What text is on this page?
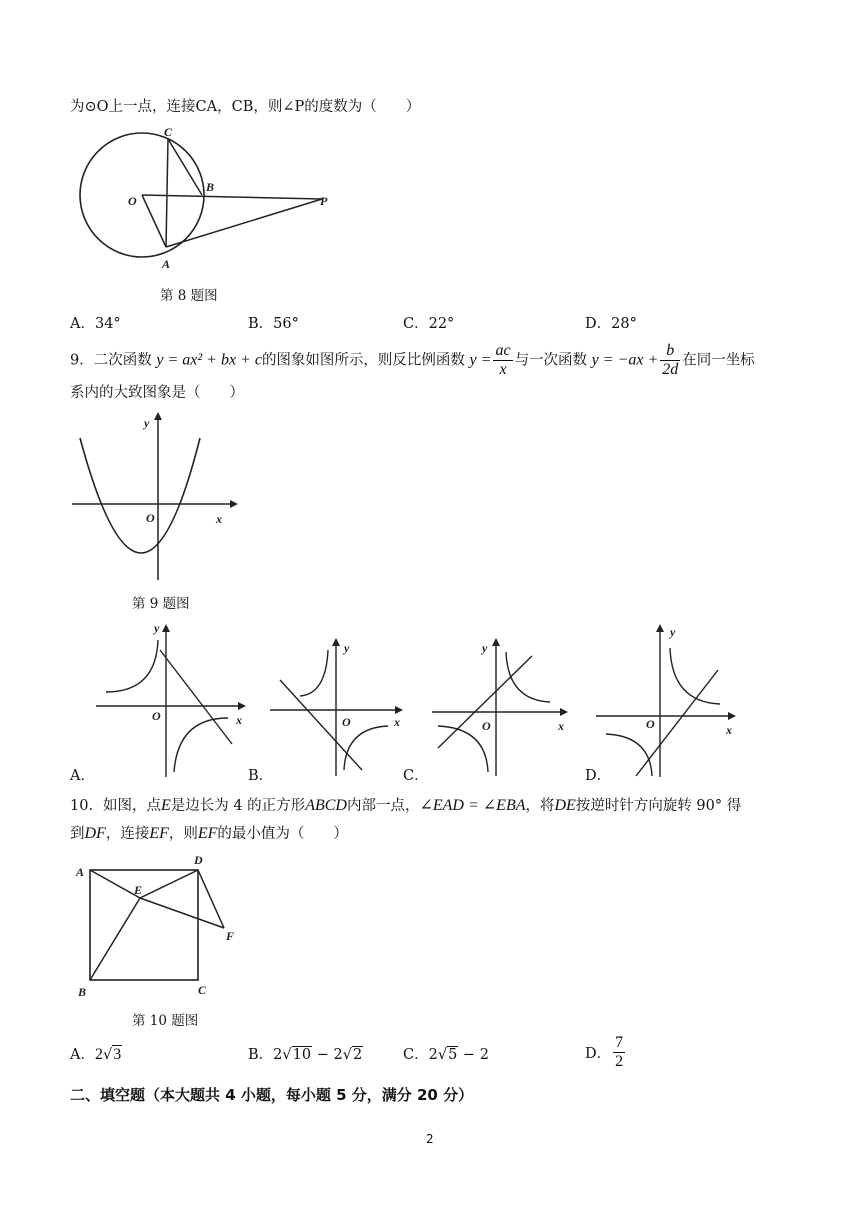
为⊙O上一点，连接CA，CB，则∠P的度数为（　　）
C
O
B
P
A
第 8 题图
A．34°	B．56°	C．22°	D．28°
9．二次函数 y = ax² + bx + c的图象如图所示，则反比例函数 $y = \frac{ac}{x}$ 与一次函数 $y = -ax + \frac{b}{2d}$ 在同一坐标
系内的大致图象是（　　）
y
O	x
第 9 题图
y
O	x
A．
y
O	x
B．
y
O	x
C．
y
O	x
D．
10．如图，点E是边长为 4 的正方形ABCD内部一点，∠EAD = ∠EBA，将DE按逆时针方向旋转 90° 得
到DF，连接EF，则EF的最小值为（　　）
A
D
E
F
B	C
第 10 题图
A．2√3	B．2√10 − 2√2	C．2√5 − 2	D． $\frac{7}{2}$
二、填空题（本大题共 4 小题，每小题 5 分，满分 20 分）
2
